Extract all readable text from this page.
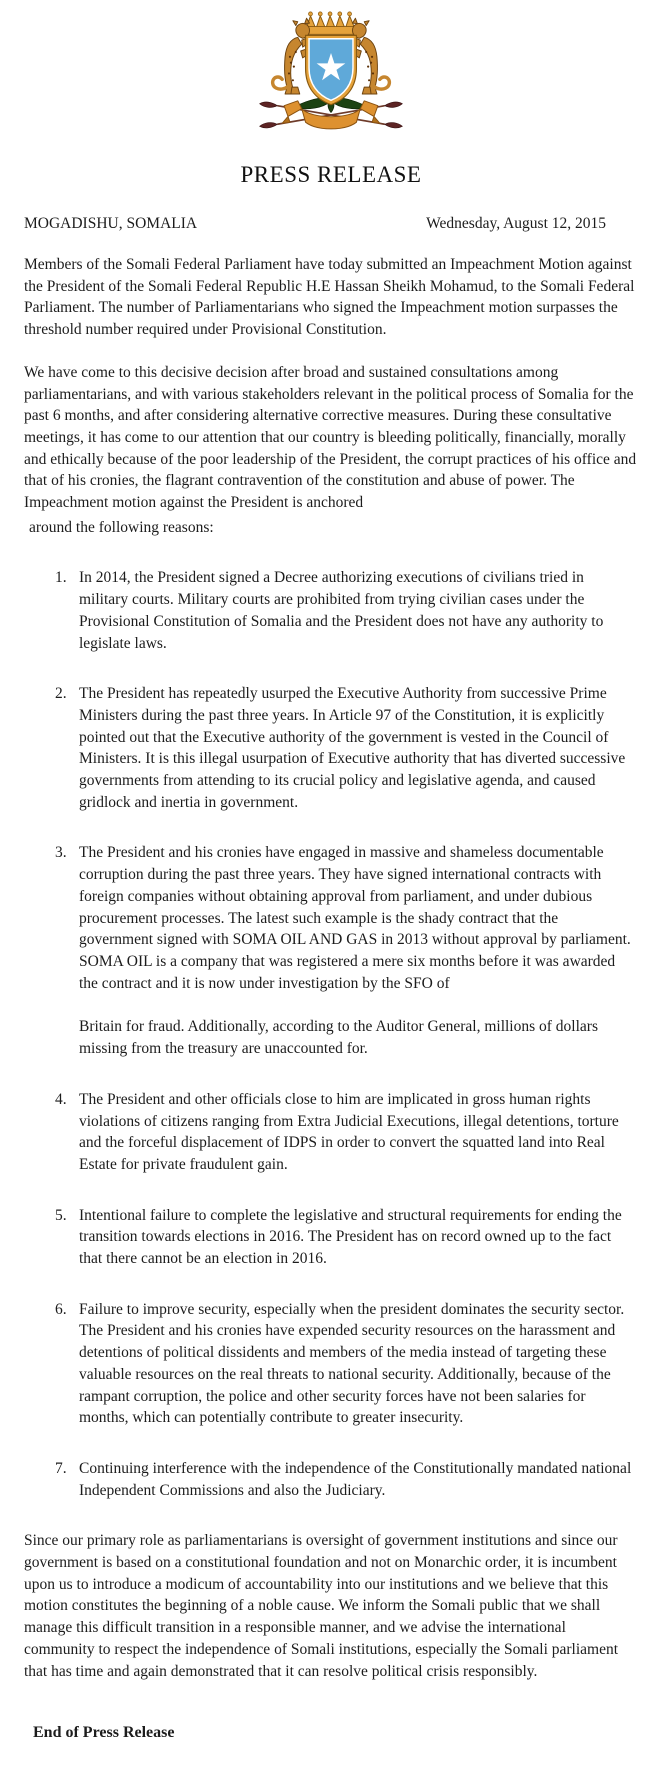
PRESS RELEASE
MOGADISHU, SOMALIA	Wednesday, August 12, 2015

Members of the Somali Federal Parliament have today submitted an Impeachment Motion against the President of the Somali Federal Republic H.E Hassan Sheikh Mohamud, to the Somali Federal Parliament. The number of Parliamentarians who signed the Impeachment motion surpasses the threshold number required under Provisional Constitution.

We have come to this decisive decision after broad and sustained consultations among parliamentarians, and with various stakeholders relevant in the political process of Somalia for the past 6 months, and after considering alternative corrective measures. During these consultative meetings, it has come to our attention that our country is bleeding politically, financially, morally and ethically because of the poor leadership of the President, the corrupt practices of his office and that of his cronies, the flagrant contravention of the constitution and abuse of power. The Impeachment motion against the President is anchored

around the following reasons:

1. In 2014, the President signed a Decree authorizing executions of civilians tried in military courts. Military courts are prohibited from trying civilian cases under the Provisional Constitution of Somalia and the President does not have any authority to legislate laws.

2. The President has repeatedly usurped the Executive Authority from successive Prime Ministers during the past three years. In Article 97 of the Constitution, it is explicitly pointed out that the Executive authority of the government is vested in the Council of Ministers. It is this illegal usurpation of Executive authority that has diverted successive governments from attending to its crucial policy and legislative agenda, and caused gridlock and inertia in government.

3. The President and his cronies have engaged in massive and shameless documentable corruption during the past three years. They have signed international contracts with foreign companies without obtaining approval from parliament, and under dubious procurement processes. The latest such example is the shady contract that the government signed with SOMA OIL AND GAS in 2013 without approval by parliament. SOMA OIL is a company that was registered a mere six months before it was awarded the contract and it is now under investigation by the SFO of

Britain for fraud. Additionally, according to the Auditor General, millions of dollars missing from the treasury are unaccounted for.

4. The President and other officials close to him are implicated in gross human rights violations of citizens ranging from Extra Judicial Executions, illegal detentions, torture and the forceful displacement of IDPS in order to convert the squatted land into Real Estate for private fraudulent gain.

5. Intentional failure to complete the legislative and structural requirements for ending the transition towards elections in 2016. The President has on record owned up to the fact that there cannot be an election in 2016.

6. Failure to improve security, especially when the president dominates the security sector. The President and his cronies have expended security resources on the harassment and detentions of political dissidents and members of the media instead of targeting these valuable resources on the real threats to national security. Additionally, because of the rampant corruption, the police and other security forces have not been salaries for months, which can potentially contribute to greater insecurity.

7. Continuing interference with the independence of the Constitutionally mandated national Independent Commissions and also the Judiciary.

Since our primary role as parliamentarians is oversight of government institutions and since our government is based on a constitutional foundation and not on Monarchic order, it is incumbent upon us to introduce a modicum of accountability into our institutions and we believe that this motion constitutes the beginning of a noble cause. We inform the Somali public that we shall manage this difficult transition in a responsible manner, and we advise the international community to respect the independence of Somali institutions, especially the Somali parliament that has time and again demonstrated that it can resolve political crisis responsibly.

End of Press Release
